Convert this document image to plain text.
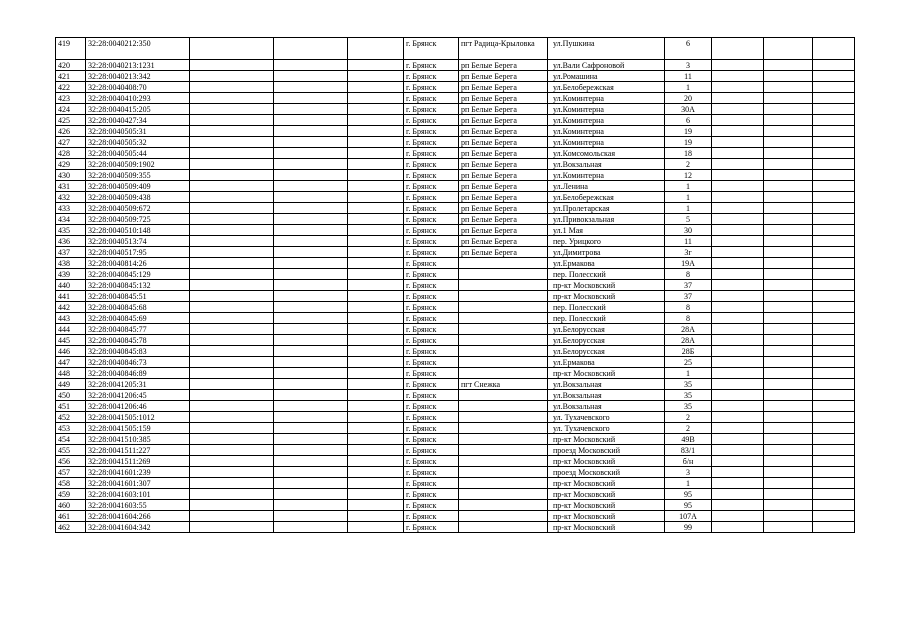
419	32:28:0040212:350				г. Брянск	пгт Радица-Крыловка	ул.Пушкина	6			
420	32:28:0040213:1231				г. Брянск	рп Белые Берега	ул.Вали Сафроновой	3			
421	32:28:0040213:342				г. Брянск	рп Белые Берега	ул.Ромашина	11			
422	32:28:0040408:70				г. Брянск	рп Белые Берега	ул.Белобережская	1			
423	32:28:0040410:293				г. Брянск	рп Белые Берега	ул.Коминтерна	20			
424	32:28:0040415:205				г. Брянск	рп Белые Берега	ул.Коминтерна	30А			
425	32:28:0040427:34				г. Брянск	рп Белые Берега	ул.Коминтерна	6			
426	32:28:0040505:31				г. Брянск	рп Белые Берега	ул.Коминтерна	19			
427	32:28:0040505:32				г. Брянск	рп Белые Берега	ул.Коминтерна	19			
428	32:28:0040505:44				г. Брянск	рп Белые Берега	ул.Комсомольская	18			
429	32:28:0040509:1902				г. Брянск	рп Белые Берега	ул.Вокзальная	2			
430	32:28:0040509:355				г. Брянск	рп Белые Берега	ул.Коминтерна	12			
431	32:28:0040509:409				г. Брянск	рп Белые Берега	ул.Ленина	1			
432	32:28:0040509:438				г. Брянск	рп Белые Берега	ул.Белобережская	1			
433	32:28:0040509:672				г. Брянск	рп Белые Берега	ул.Пролетарская	1			
434	32:28:0040509:725				г. Брянск	рп Белые Берега	ул.Привокзальная	5			
435	32:28:0040510:148				г. Брянск	рп Белые Берега	ул.1 Мая	30			
436	32:28:0040513:74				г. Брянск	рп Белые Берега	пер. Урицкого	11			
437	32:28:0040517:95				г. Брянск	рп Белые Берега	ул.Димитрова	3г			
438	32:28:0040814:26				г. Брянск		ул.Ермакова	19А			
439	32:28:0040845:129				г. Брянск		пер. Полесский	8			
440	32:28:0040845:132				г. Брянск		пр-кт Московский	37			
441	32:28:0040845:51				г. Брянск		пр-кт Московский	37			
442	32:28:0040845:68				г. Брянск		пер. Полесский	8			
443	32:28:0040845:69				г. Брянск		пер. Полесский	8			
444	32:28:0040845:77				г. Брянск		ул.Белорусская	28А			
445	32:28:0040845:78				г. Брянск		ул.Белорусская	28А			
446	32:28:0040845:83				г. Брянск		ул.Белорусская	28Б			
447	32:28:0040846:73				г. Брянск		ул.Ермакова	25			
448	32:28:0040846:89				г. Брянск		пр-кт Московский	1			
449	32:28:0041205:31				г. Брянск	пгт Снежка	ул.Вокзальная	35			
450	32:28:0041206:45				г. Брянск		ул.Вокзальная	35			
451	32:28:0041206:46				г. Брянск		ул.Вокзальная	35			
452	32:28:0041505:1012				г. Брянск		ул. Тухачевского	2			
453	32:28:0041505:159				г. Брянск		ул. Тухачевского	2			
454	32:28:0041510:385				г. Брянск		пр-кт Московский	49В			
455	32:28:0041511:227				г. Брянск		проезд Московский	83/1			
456	32:28:0041511:269				г. Брянск		пр-кт Московский	б/н			
457	32:28:0041601:239				г. Брянск		проезд Московский	3			
458	32:28:0041601:307				г. Брянск		пр-кт Московский	1			
459	32:28:0041603:101				г. Брянск		пр-кт Московский	95			
460	32:28:0041603:55				г. Брянск		пр-кт Московский	95			
461	32:28:0041604:266				г. Брянск		пр-кт Московский	107А			
462	32:28:0041604:342				г. Брянск		пр-кт Московский	99			
